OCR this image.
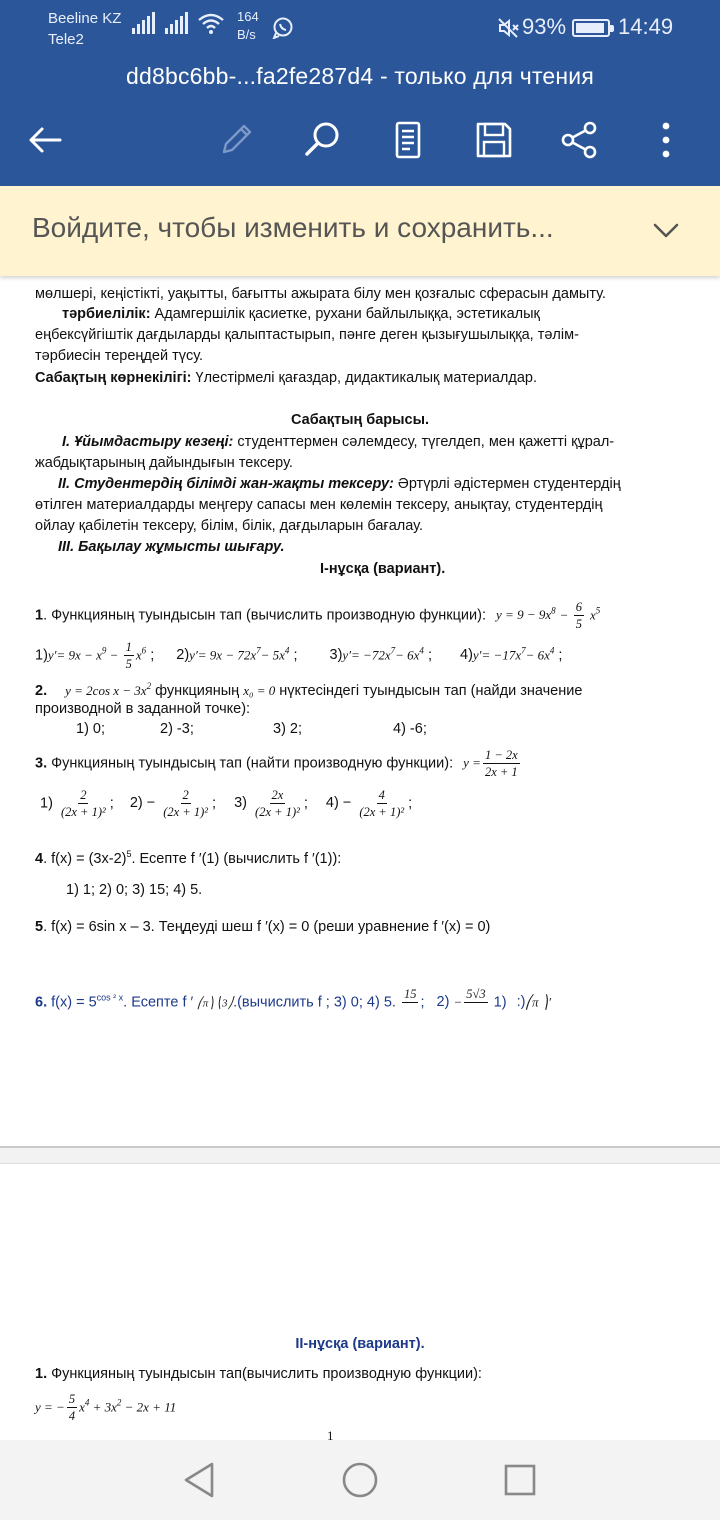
Beeline KZ
Tele2
164
B/s	93% 14:49
dd8bc6bb-...fa2fe287d4 - только для чтения
Войдите, чтобы изменить и сохранить...
мөлшері, кеңістікті, уақытты, бағытты ажырата білу мен қозғалыс сферасын дамыту.
тәрбиелілік: Адамгершілік қасиетке, рухани байлылыққа, эстетикалық
еңбексүйгіштік дағдыларды қалыптастырып, пәнге деген қызығушылыққа, тәлім-
тәрбиесін тереңдей түсу.
Сабақтың көрнекілігі: Үлестірмелі қағаздар, дидактикалық материалдар.
Сабақтың барысы.
I. Ұйымдастыру кезеңі: студенттермен сәлемдесу, түгелдеп, мен қажетті құрал-
жабдықтарының дайындығын тексеру.
II. Студентердің білімді жан-жақты тексеру: Әртүрлі әдістермен студентердің
өтілген материалдарды меңгеру сапасы мен көлемін тексеру, анықтау, студентердің
ойлау қабілетін тексеру, білім, білік, дағдыларын бағалау.
III. Бақылау жұмысты шығару.
І-нұсқа (вариант).
1. Функцияның туындысын тап (вычислить производную функции): $y = 9 - 9x^8 - \frac{6}{5} x^5$
$1)y'= 9x - x^9 - \frac{1}{5} x^6$ ; $2)y'= 9x - 72x^7- 5x^4$ ; $3)y'= -72x^7- 6x^4$ ; $4)y'= -17x^7- 6x^4$ ;
2. y = 2cos $x - 3x^2$ функцияның x₀ = 0 нүктесіндегі туындысын тап (найди значение
производной в заданной точке):
1) 0;	2) -3;	3) 2;	4) -6;
3. Функцияның туындысың тап (найти производную функции): $y = \frac{1 - 2x}{2x + 1}$
$1) \frac{2}{\text{(2x + 1)²}}$ ; $2) - \frac{2}{\text{(2x + 1)²}}$ ; $3) \frac{2x}{\text{(2x + 1)²}}$ ; $4) - \frac{4}{\text{(2x + 1)²}}$ ;
4. $f(x) = (3x-2)^5$. Есепте f ′(1) (вычислить f ′(1)):
1) 1; 2) 0; 3) 15; 4) 5.
5. f(x) = 6sin x – 3. Теңдеуді шеш f ′(x) = 0 (реши уравнение f ′(x) = 0)
6. $f(x) = 5^{cos ^2 x}$. Есепте f ′ ⎛π⎞ ⎝3⎠.(вычислить f ; 3) 0; 4) 5.
15
; 2) −
5√3
1) :)⎛π ⎞′
ІІ-нұсқа (вариант).
1. Функцияның туындысын тап(вычислить производную функции):
y = − $\frac{5}{4} x^4 + 3x^2 - 2x + 11$
1
